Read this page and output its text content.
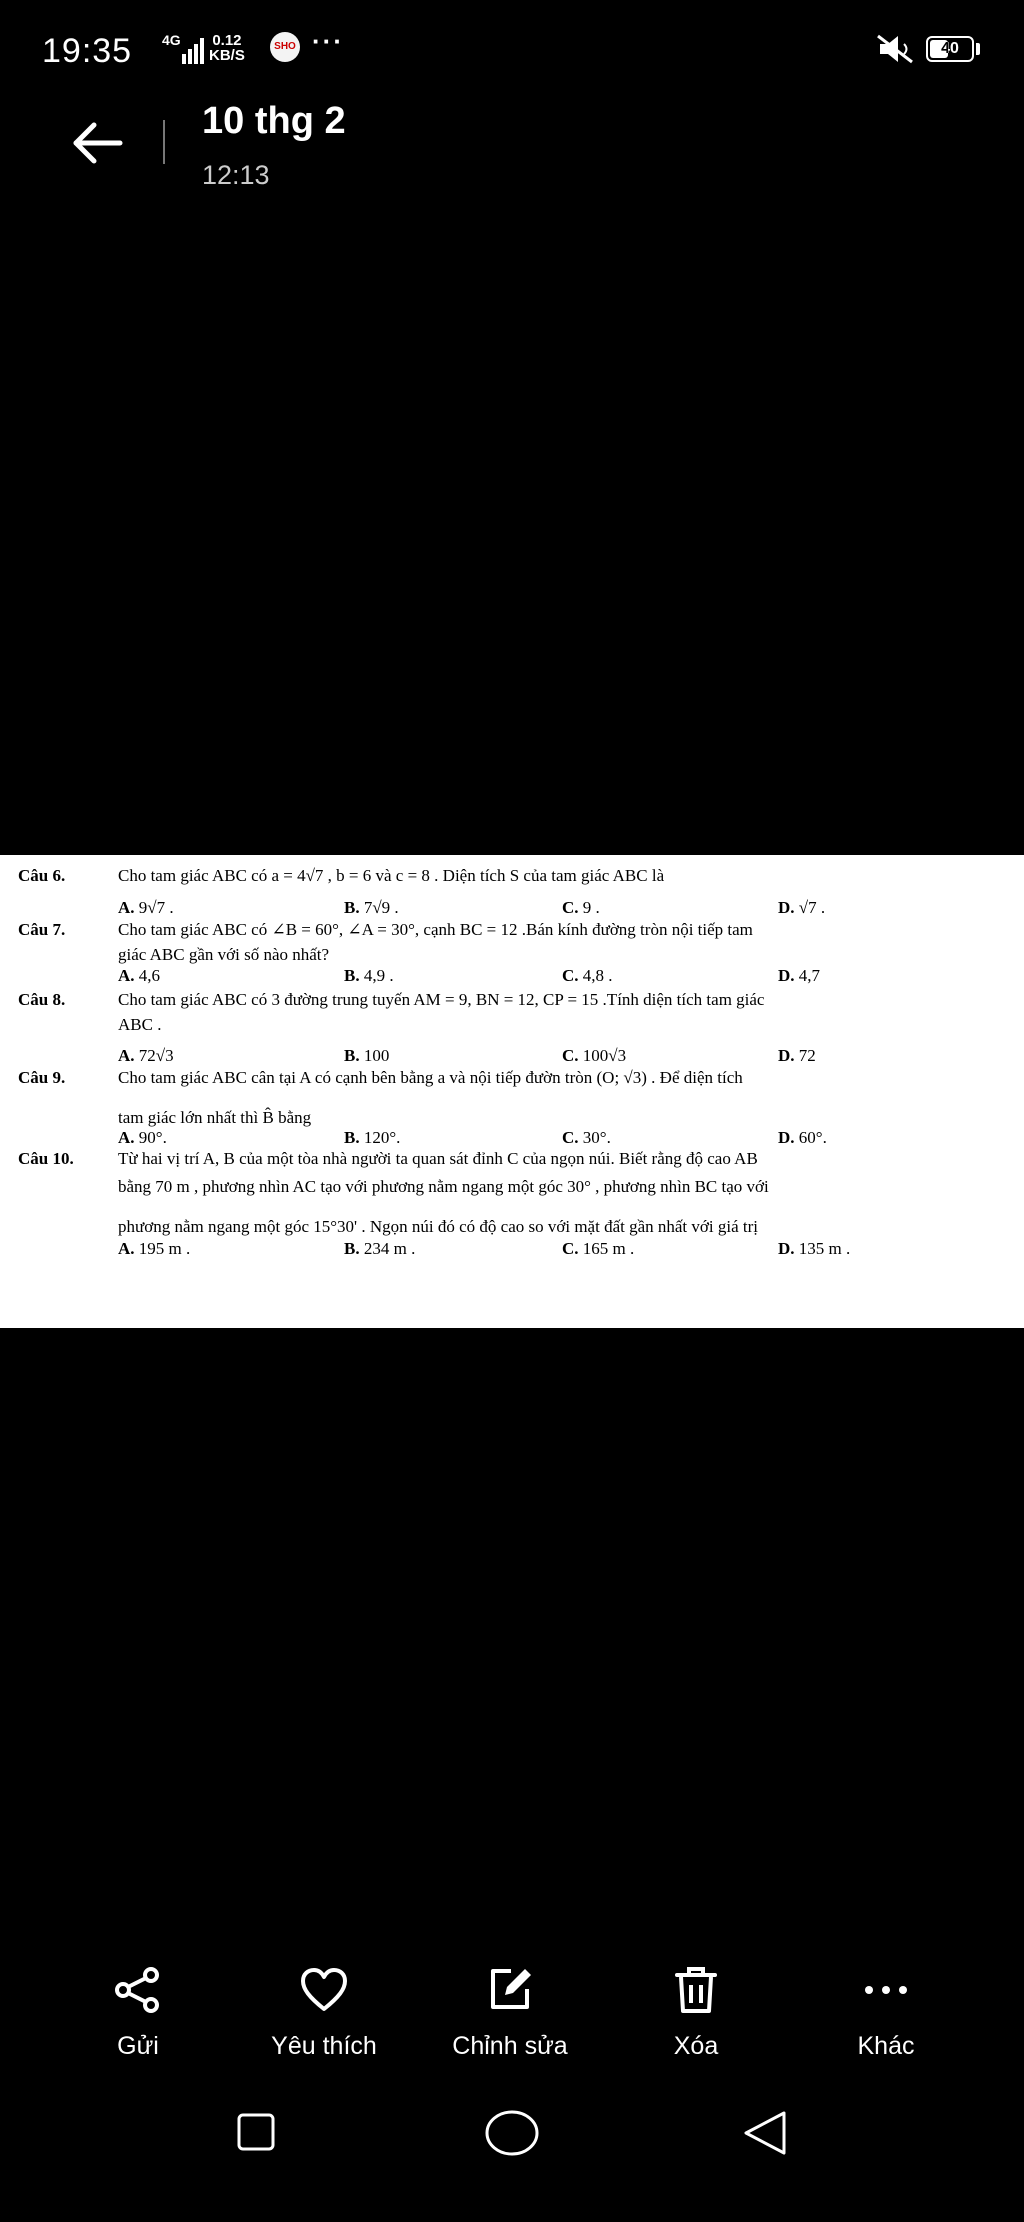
19:35 4G 0.12
KB/S
SHO ···	40
10 thg 2
12:13
Câu 6.	Cho tam giác ABC có a = 4√7 , b = 6 và c = 8 . Diện tích S của tam giác ABC là
A. 9√7 .	B. 7√9 .	C. 9 .	D. √7 .
Câu 7.	Cho tam giác ABC có ∠B = 60°, ∠A = 30°, cạnh BC = 12 .Bán kính đường tròn nội tiếp tam
giác ABC gần với số nào nhất?
A. 4,6	B. 4,9 .	C. 4,8 .	D. 4,7
Câu 8.	Cho tam giác ABC có 3 đường trung tuyến AM = 9, BN = 12, CP = 15 .Tính diện tích tam giác
ABC .
A. 72√3	B. 100	C. 100√3	D. 72
Câu 9.	Cho tam giác ABC cân tại A có cạnh bên bằng a và nội tiếp đườn tròn (O; √3) . Để diện tích
tam giác lớn nhất thì B̂ bằng
A. 90°.	B. 120°.	C. 30°.	D. 60°.
Câu 10.	Từ hai vị trí A, B của một tòa nhà người ta quan sát đỉnh C của ngọn núi. Biết rằng độ cao AB
bằng 70 m , phương nhìn AC tạo với phương nằm ngang một góc 30° , phương nhìn BC tạo với
phương nằm ngang một góc 15°30' . Ngọn núi đó có độ cao so với mặt đất gần nhất với giá trị
A. 195 m .	B. 234 m .	C. 165 m .	D. 135 m .
Gửi	Yêu thích	Chỉnh sửa	Xóa	Khác
